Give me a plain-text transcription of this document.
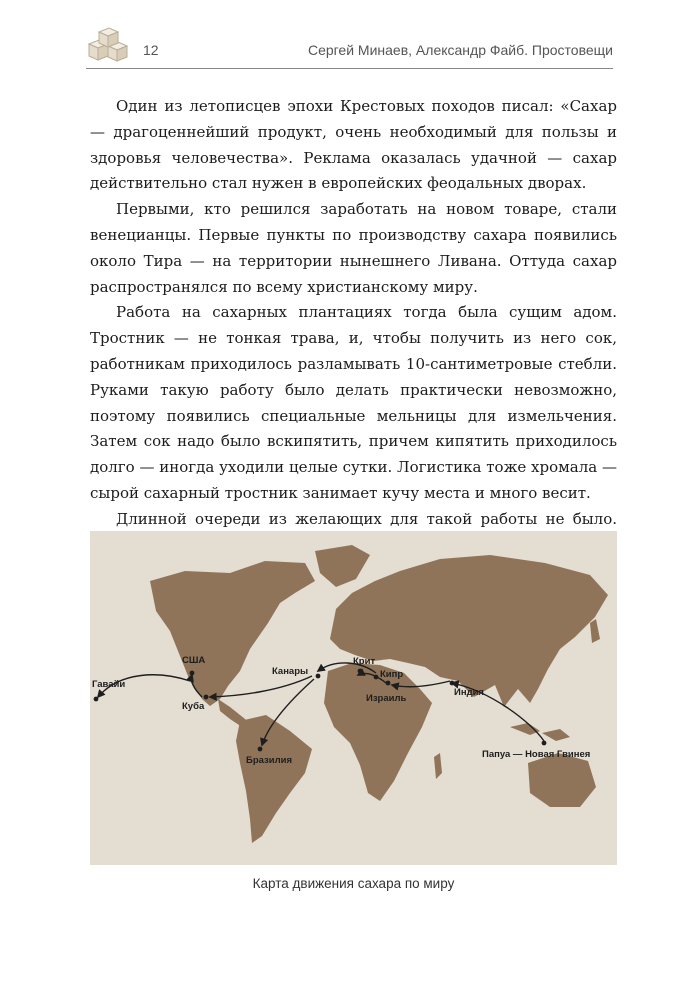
12	Сергей Минаев, Александр Файб. Простовещи

Один из летописцев эпохи Крестовых походов писал: «Сахар — драгоценнейший продукт, очень необходимый для пользы и здоровья человечества». Реклама оказалась удачной — сахар действительно стал нужен в европейских феодальных дворах.

Первыми, кто решился заработать на новом товаре, стали венецианцы. Первые пункты по производству сахара появились около Тира — на территории нынешнего Ливана. Оттуда сахар распространялся по всему христианскому миру.

Работа на сахарных плантациях тогда была сущим адом. Тростник — не тонкая трава, и, чтобы получить из него сок, работникам приходилось разламывать 10-сантиметровые стебли. Руками такую работу было делать практически невозможно, поэтому появились специальные мельницы для измельчения. Затем сок надо было вскипятить, причем кипятить приходилось долго — иногда уходили целые сутки. Логистика тоже хромала — сырой сахарный тростник занимает кучу места и много весит.

Длинной очереди из желающих для такой работы не было.

Гавайи
США
Куба
Канары
Крит
Кипр
Израиль
Индия
Бразилия
Папуа — Новая Гвинея
Карта движения сахара по миру
